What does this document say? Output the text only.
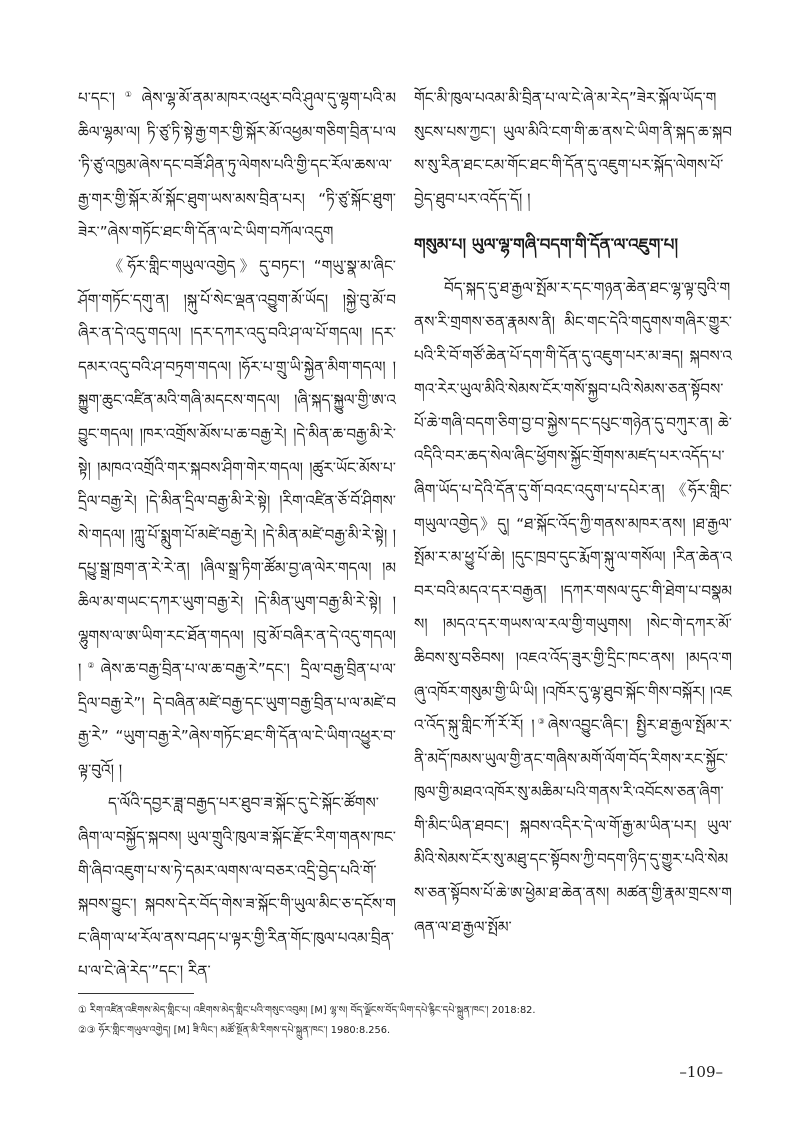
པ་དང་།①ཞེས་ལྷ་མོ་ནམ་མཁར་འཕུར་བའི་ཤུལ་དུ་ལྷག་པའི་མཆིལ་ལྷམ་ལ། ཏི་ཙུ་ཏི་སྟེ་རྒྱ་གར་གྱི་སྐོར་མོ་འཕྱམ་གཅིག་བྲིན་པ་ལ་ཏི་ཙུ་འཁྱམ་ཞེས་དང་བཟོ་ཤིན་ཏུ་ལེགས་པའི་གྱི་དང་རོལ་ཆས་ལ་རྒྱ་གར་གྱི་སྐོར་མོ་སྐོང་ཐུག་ཡས་མས་བྲིན་པར། “ཏི་ཙུ་སྐོང་ཐུག་ཟེར་”ཞེས་གཏོང་ཐང་གི་དོན་ལ་ངེ་ཡིག་བཀོལ་འདུག

《ཧོར་གླིང་གཡུལ་འགྱེད》དུ་བཏང་། “གཡུ་སྣ་མ་ཞིང་ཤོག་གཏོང་དགུ་ན། །སྐུ་པོ་སེང་ལྡན་འབྱུག་མོ་ཡོད། །སྐྱེ་བུ་མོ་བཞིར་ན་དེ་འདུ་གདལ། །དར་དཀར་འདུ་བའི་ཤ་ལ་པོ་གདལ། །དར་དམར་འདུ་བའི་ཤ་བཏྲག་གདལ། །ཧོར་པ་གྲུ་ཡི་སྐྱེན་མིག་གདལ། །སྐྱུག་ཆུང་འཛིན་མའི་གཞི་མདངས་གདལ། །ཞི་སྐད་སྐྱུལ་གྱི་ཨ་འབྱུང་གདལ། །ཁར་འགྲོས་མོས་པ་ཆ་བརྒྱ་རེ། །དེ་མིན་ཆ་བརྒྱ་མི་རེ་སྟེ། །མཁའ་འགྲོའི་གར་སྐབས་ཤིག་གེར་གདལ། །ཚུར་ཡོང་མོས་པ་དྲིལ་བརྒྱ་རེ། །དེ་མིན་དྲིལ་བརྒྱ་མི་རེ་སྟེ། །རིག་འཛིན་ཅོ་བོ་ཤིགས་སེ་གདལ། །ཀླུ་པོ་སྨུག་པོ་མཛེ་བརྒྱ་རེ། །དེ་མིན་མཛེ་བརྒྱ་མི་རེ་སྟེ། །དཔྱུ་སྒྲ་ཁྲག་ན་རེ་རེ་ན། །ཞིལ་སྒྲ་ཏིག་ཚོམ་བྱ་ཞ་ལེར་གདལ། །མཆིལ་མ་གཡང་དཀར་ཡུག་བརྒྱ་རེ། །དེ་མིན་ཡུག་བརྒྱ་མི་རེ་སྟེ། །ལྷུགས་ལ་ཨ་ཡིག་རང་ཐོན་གདལ། །བུ་མོ་བཞིར་ན་དེ་འདུ་གདལ། །②ཞེས་ཆ་བརྒྱ་བྲིན་པ་ལ་ཆ་བརྒྱ་རེ”དང་། དྲིལ་བརྒྱ་བྲིན་པ་ལ་དྲིལ་བརྒྱ་རེ”། དེ་བཞིན་མཛེ་བརྒྱ་དང་ཡུག་བརྒྱ་བྲིན་པ་ལ་མཛེ་བརྒྱ་རེ” “ཡུག་བརྒྱ་རེ”ཞེས་གཏོང་ཐང་གི་དོན་ལ་ངེ་ཡིག་འཕྱུར་བ་ལྟ་བུའོ། །

ད་ལོའི་དབྱར་ཟླ་བརྒྱད་པར་ཐུབ་ཟ་སྐོང་དུ་ངེ་སྐོང་ཚོགས་ཞིག་ལ་བསྐྱོད་སྐབས། ཡུལ་གྲུའི་ཁུལ་ཟ་སྐོང་རྫོང་རིག་གནས་ཁང་གི་ཞིབ་འཇུག་པ་ས་ཏེ་དམར་ལགས་ལ་བཅར་འདྲི་བྱེད་པའི་གོ་སྐབས་བྱུང་། སྐབས་དེར་བོད་གེས་ཟ་སྐོང་གི་ཡུལ་མིང་ཅ་དངོས་གང་ཞིག་ལ་ཕ་རོལ་ནས་བཤད་པ་ལྟར་གྱི་རིན་གོང་ཁུལ་པའམ་བྲིན་པ་ལ་ངེ་ཞེ་རེད་”དང་། རིན་

གོང་མི་ཁུལ་པའམ་མི་བྲིན་པ་ལ་ངེ་ཞེ་མ་རེད”ཟེར་སྐོལ་ཡོད་གསུངས་པས་ཀྱང་། ཡུལ་མིའི་ངག་གི་ཆ་ནས་ངེ་ཡིག་ནི་སྐད་ཆ་སྐབས་སུ་རིན་ཐང་ངམ་གོང་ཐང་གི་དོན་དུ་འཇུག་པར་སྐོད་ལེགས་པོ་བྱེད་ཐུབ་པར་འདོད་དོ། །

གསུམ་པ། ཡུལ་ལྷ་གཞི་བདག་གི་དོན་ལ་འཇུག་པ།

བོད་སྐད་དུ་ཐ་རྒྱལ་སྤོམ་ར་དང་གཉན་ཆེན་ཐང་ལྷ་ལྟ་བུའི་གནས་རི་གྲགས་ཅན་རྣམས་ནི། མིང་གང་དེའི་གདུགས་གཞིར་གྱུར་པའི་རི་བོ་གཙོ་ཆེན་པོ་དག་གི་དོན་དུ་འཇུག་པར་མ་ཟད། སྐབས་འགའ་རེར་ཡུལ་མིའི་སེམས་ངོར་གསོ་སྐྱབ་པའི་སེམས་ཅན་སྟོབས་པོ་ཆེ་གཞི་བདག་ཅིག་བྱ་བ་སྐྱེས་དང་དཔུང་གཉེན་དུ་བཀུར་ན། ཆེ་འདིའི་བར་ཆད་སེལ་ཞིང་ཕྱོགས་སྐྱོང་གྲོགས་མཛད་པར་འདོད་པ་ཞིག་ཡོད་པ་དེའི་དོན་དུ་གོ་བའང་འདུག་པ་དཔེར་ན། 《ཧོར་གླིང་གཡུལ་འགྱེད》དུ། “ཐ་སྐོང་འོད་ཀྱི་གནས་མཁར་ནས། །ཐ་རྒྱལ་སྤོམ་ར་མ་ཕྱུ་པོ་ཆེ། །དུང་ཁྲབ་དུང་རྨོག་སྐུ་ལ་གསོལ། །རིན་ཆེན་འབར་བའི་མདའ་དར་བརྒྱན། །དཀར་གསལ་དུང་གི་ཐེག་པ་བསྣམས། །མདའ་དར་གཡས་ལ་རལ་གྱི་གཡུགས། །སེང་གེ་དཀར་མོ་ཆིབས་སུ་བཅིབས། །འཇའ་འོད་ཟུར་གྱི་དྲིང་ཁང་ནས། །མདའ་གཞུ་འཁོར་གསུམ་གྱི་ཡི་ཡི། །འཁོར་དུ་ལྷ་ཐུབ་སྐོང་གིས་བསྐོར། །འཇའ་འོད་སྐུ་གླིང་ཀོ་རོ་རོ། །③ཞེས་འབྱུང་ཞིང་། སྤྱིར་ཐ་རྒྱལ་སྤོམ་ར་ནི་མདོ་ཁམས་ཡུལ་གྱི་ནང་གཞིས་མགོ་ལོག་བོད་རིགས་རང་སྐྱོང་ཁུལ་གྱི་མཐའ་འཁོར་སུ་མཆིམ་པའི་གནས་རི་འབོངས་ཅན་ཞིག་གི་མིང་ཡིན་ཐབང་། སྐབས་འདིར་དེ་ལ་གོ་རྒྱ་མ་ཡིན་པར། ཡུལ་མིའི་སེམས་ངོར་སུ་མཐུ་དང་སྟོབས་ཀྱི་བདག་ཉིད་དུ་གྱུར་པའི་སེམས་ཅན་སྟོབས་པོ་ཆེ་ཨ་ཕྱེམ་ཐ་ཆེན་ནས། མཚན་གྱི་རྣམ་གྲངས་གཞན་ལ་ཐ་རྒྱལ་སྤོམ་

① རིག་འཛིན་འཇིགས་མེད་གླིང་པ། འཇིགས་མེད་གླིང་པའི་གསུང་འབུམ། [M] ལྷ་ས། བོད་ལྗོངས་བོད་ཡིག་དཔེ་རྙིང་དཔེ་སྐྲུན་ཁང་། 2018:82.

②③ ཧོར་གླིང་གཡུལ་འགྱེད། [M] ཟི་ལིང་། མཚོ་སྔོན་མི་རིགས་དཔེ་སྐྲུན་ཁང་། 1980:8.256.

–109–
